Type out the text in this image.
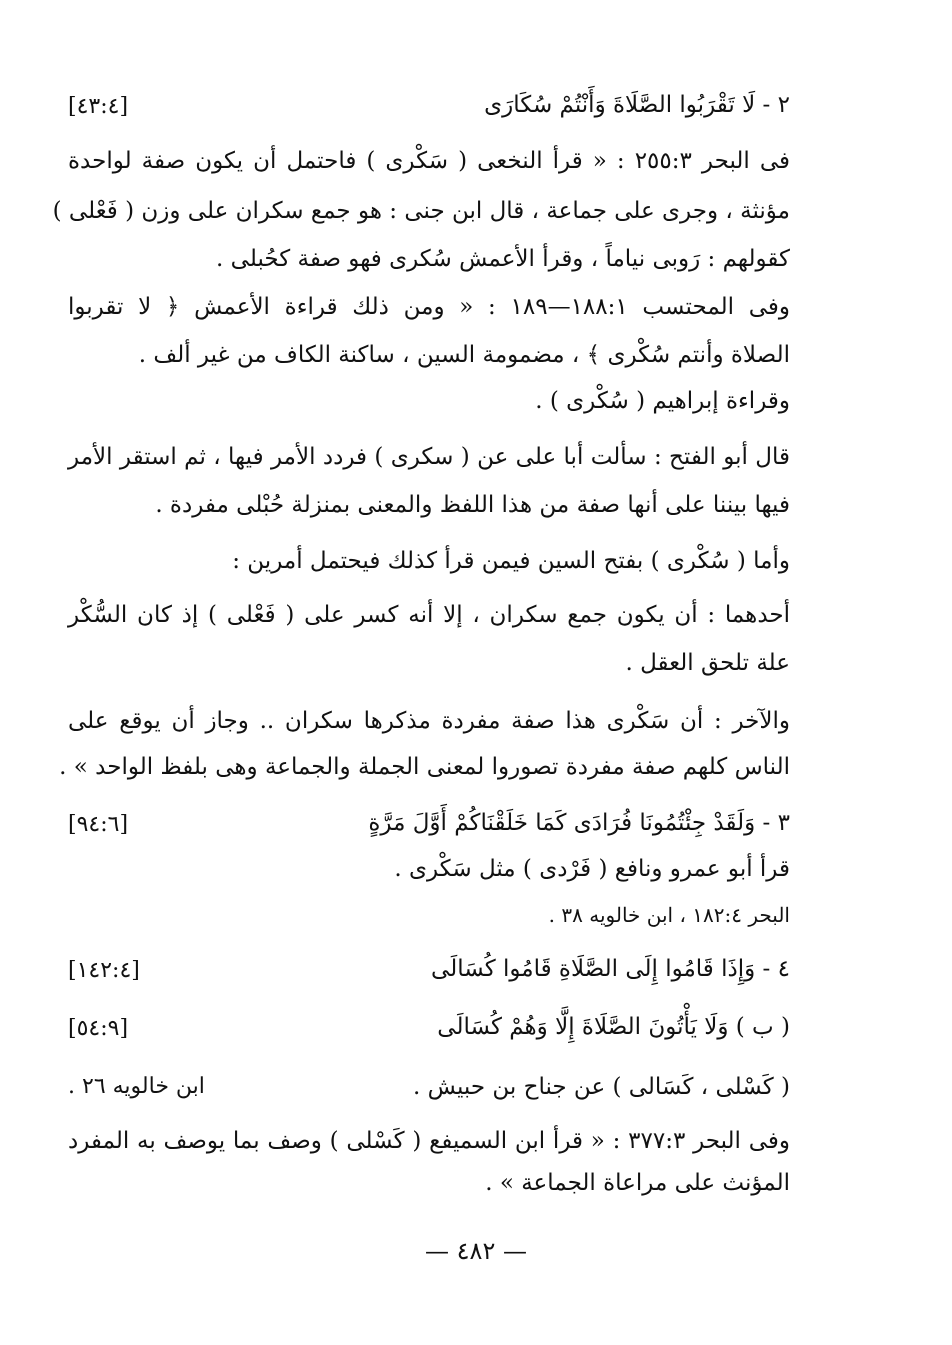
٢ - لَا تَقْرَبُوا الصَّلَاةَ وَأَنْتُمْ سُكَارَى
[٤٣:٤]
فى البحر ٢٥٥:٣ : « قرأ النخعى ( سَكْرى ) فاحتمل أن يكون صفة لواحدة
مؤنثة ، وجرى على جماعة ، قال ابن جنى : هو جمع سكران على وزن ( فَعْلى )
كقولهم : رَوبى نياماً ، وقرأ الأعمش سُكرى فهو صفة كحُبلى .
وفى المحتسب ١٨٨:١—١٨٩ : « ومن ذلك قراءة الأعمش ﴿ لا تقربوا
الصلاة وأنتم سُكْرى ﴾ ، مضمومة السين ، ساكنة الكاف من غير ألف .
وقراءة إبراهيم ( سُكْرى ) .
قال أبو الفتح : سألت أبا على عن ( سكرى ) فردد الأمر فيها ، ثم استقر الأمر
فيها بيننا على أنها صفة من هذا اللفظ والمعنى بمنزلة حُبْلى مفردة .
وأما ( سُكْرى ) بفتح السين فيمن قرأ كذلك فيحتمل أمرين :
أحدهما : أن يكون جمع سكران ، إلا أنه كسر على ( فَعْلى ) إذ كان السُّكْر
علة تلحق العقل .
والآخر : أن سَكْرى هذا صفة مفردة مذكرها سكران .. وجاز أن يوقع على
الناس كلهم صفة مفردة تصوروا لمعنى الجملة والجماعة وهى بلفظ الواحد » .
٣ - وَلَقَدْ جِئْتُمُونَا فُرَادَى كَمَا خَلَقْنَاكُمْ أَوَّلَ مَرَّةٍ
[٩٤:٦]
قرأ أبو عمرو ونافع ( فَرْدى ) مثل سَكْرى .
البحر ١٨٢:٤ ، ابن خالويه ٣٨ .
٤ - وَإِذَا قَامُوا إِلَى الصَّلَاةِ قَامُوا كُسَالَى
[١٤٢:٤]
( ب ) وَلَا يَأْتُونَ الصَّلَاةَ إِلَّا وَهُمْ كُسَالَى
[٥٤:٩]
( كَسْلى ، كَسَالى ) عن جناح بن حبيش .
ابن خالويه ٢٦ .
وفى البحر ٣٧٧:٣ : « قرأ ابن السميفع ( كَسْلى ) وصف بما يوصف به المفرد
المؤنث على مراعاة الجماعة » .
— ٤٨٢ —
